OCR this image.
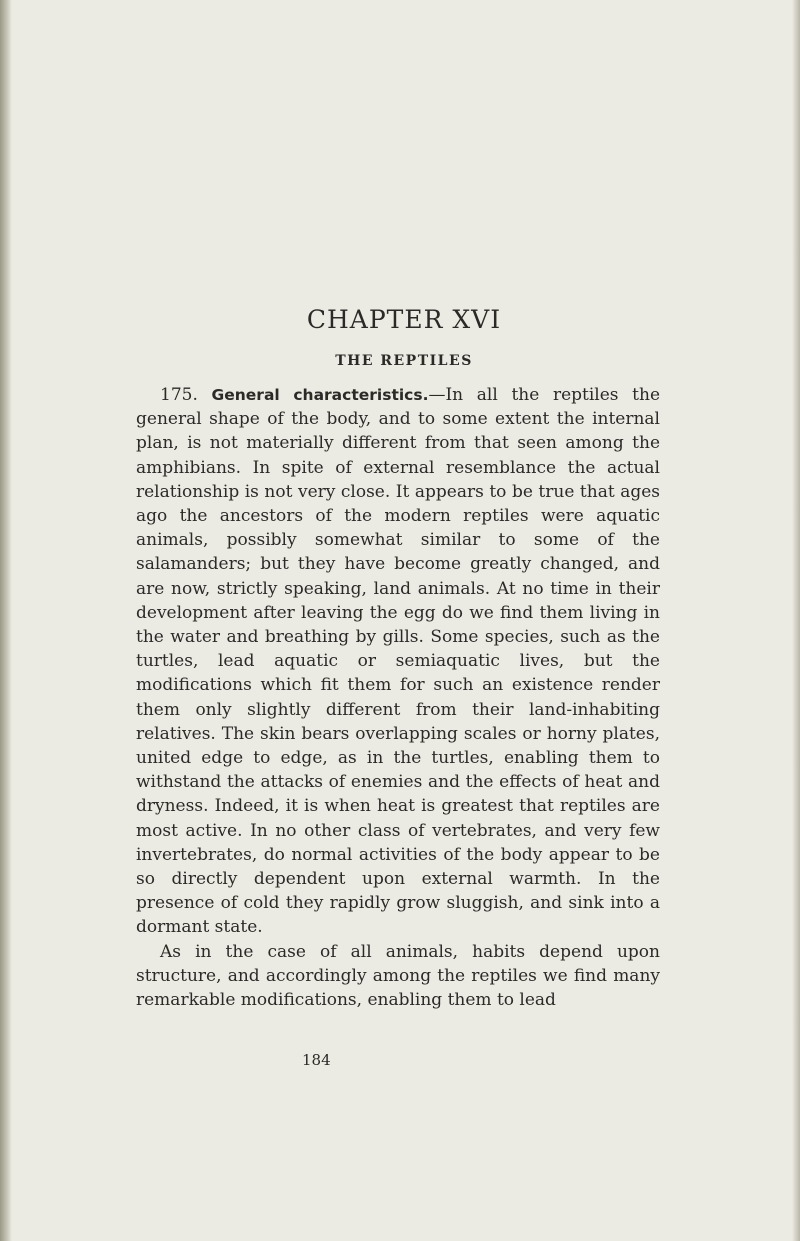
CHAPTER XVI
THE REPTILES

175. General characteristics.—In all the reptiles the general shape of the body, and to some extent the internal plan, is not materially different from that seen among the amphibians. In spite of external resemblance the actual relationship is not very close. It appears to be true that ages ago the ancestors of the modern reptiles were aquatic animals, possibly somewhat similar to some of the salamanders; but they have become greatly changed, and are now, strictly speaking, land animals. At no time in their development after leaving the egg do we find them living in the water and breathing by gills. Some species, such as the turtles, lead aquatic or semiaquatic lives, but the modifications which fit them for such an existence render them only slightly different from their land-inhabiting relatives. The skin bears overlapping scales or horny plates, united edge to edge, as in the turtles, enabling them to withstand the attacks of enemies and the effects of heat and dryness. Indeed, it is when heat is greatest that reptiles are most active. In no other class of vertebrates, and very few invertebrates, do normal activities of the body appear to be so directly dependent upon external warmth. In the presence of cold they rapidly grow sluggish, and sink into a dormant state.

As in the case of all animals, habits depend upon structure, and accordingly among the reptiles we find many remarkable modifications, enabling them to lead

184
